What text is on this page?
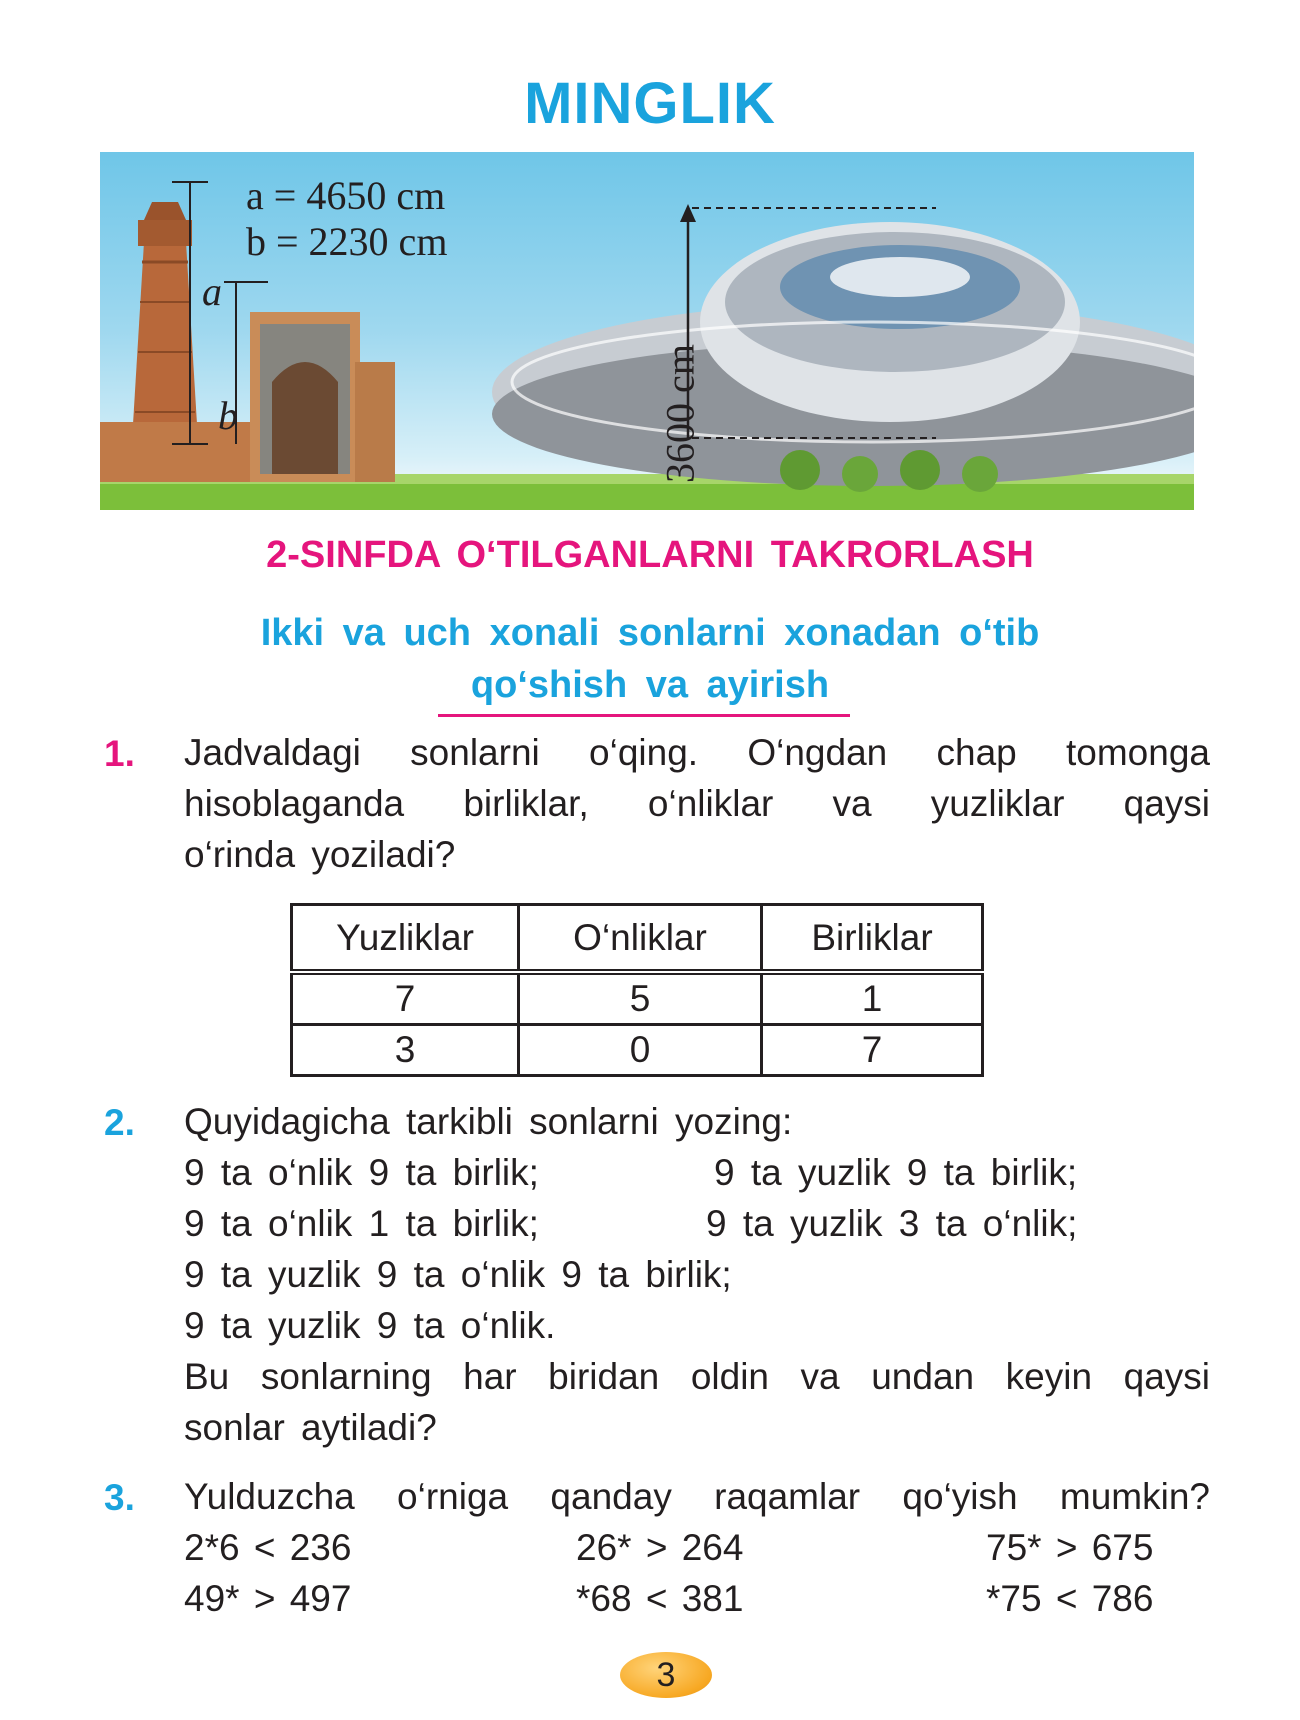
MINGLIK
a = 4650 cm
b = 2230 cm
a
b	3600 cm
2-SINFDA O‘TILGANLARNI TAKRORLASH
Ikki va uch xonali sonlarni xonadan o‘tib
qo‘shish va ayirish
1. Jadvaldagi sonlarni o‘qing. O‘ngdan chap tomonga
hisoblaganda birliklar, o‘nliklar va yuzliklar qaysi
o‘rinda yoziladi?
Yuzliklar	O‘nliklar	Birliklar
7	5	1
3	0	7
2. Quyidagicha tarkibli sonlarni yozing:
9 ta o‘nlik 9 ta birlik;	9 ta yuzlik 9 ta birlik;
9 ta o‘nlik 1 ta birlik;	9 ta yuzlik 3 ta o‘nlik;
9 ta yuzlik 9 ta o‘nlik 9 ta birlik;
9 ta yuzlik 9 ta o‘nlik.
Bu sonlarning har biridan oldin va undan keyin qaysi
sonlar aytiladi?
3. Yulduzcha o‘rniga qanday raqamlar qo‘yish mumkin?
2*6 < 236	26* > 264	75* > 675
49* > 497	*68 < 381	*75 < 786
3
